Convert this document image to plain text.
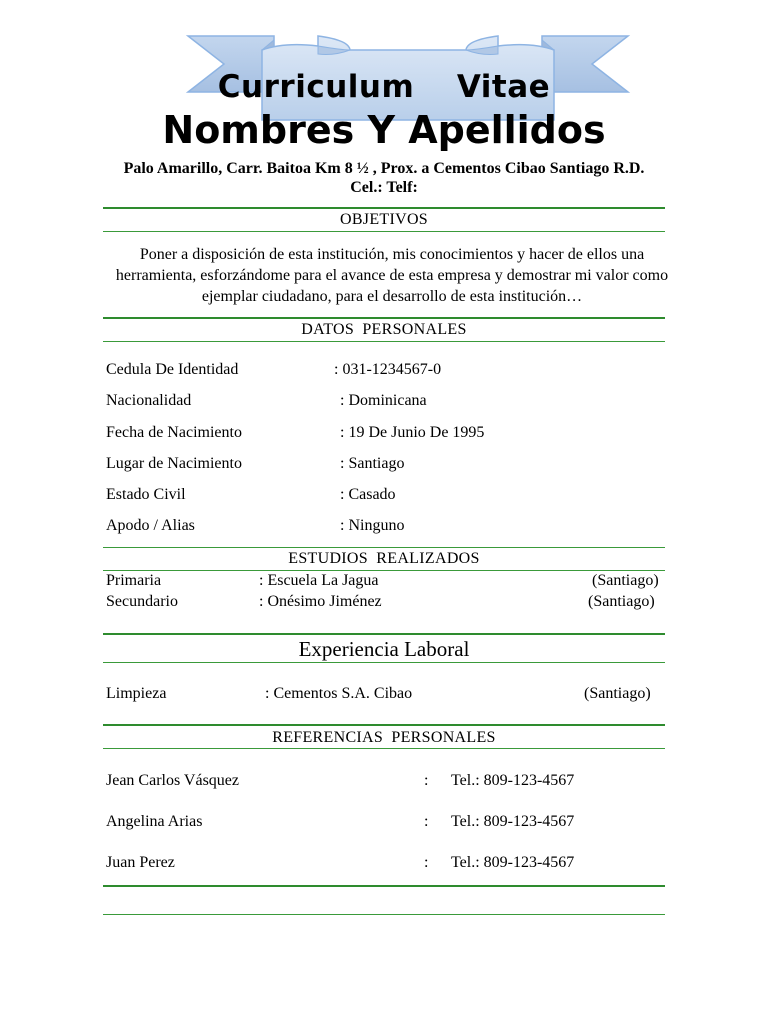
Curriculum  Vitae
Nombres Y Apellidos
Palo Amarillo, Carr. Baitoa Km 8 ½ , Prox. a Cementos Cibao Santiago R.D.
Cel.: Telf:
OBJETIVOS
Poner a disposición de esta institución, mis conocimientos y hacer de ellos una herramienta, esforzándome para el avance de esta empresa y demostrar mi valor como ejemplar ciudadano, para el desarrollo de esta institución…
DATOS PERSONALES
Cedula De Identidad	: 031-1234567-0
Nacionalidad	: Dominicana
Fecha de Nacimiento	: 19 De Junio De 1995
Lugar de Nacimiento	: Santiago
Estado Civil	: Casado
Apodo / Alias	: Ninguno
ESTUDIOS REALIZADOS
Primaria	: Escuela La Jagua	(Santiago)
Secundario	: Onésimo Jiménez	(Santiago)
Experiencia Laboral
Limpieza	: Cementos S.A. Cibao	(Santiago)
REFERENCIAS PERSONALES
Jean Carlos Vásquez	: Tel.: 809-123-4567
Angelina Arias	: Tel.: 809-123-4567
Juan Perez	: Tel.: 809-123-4567
